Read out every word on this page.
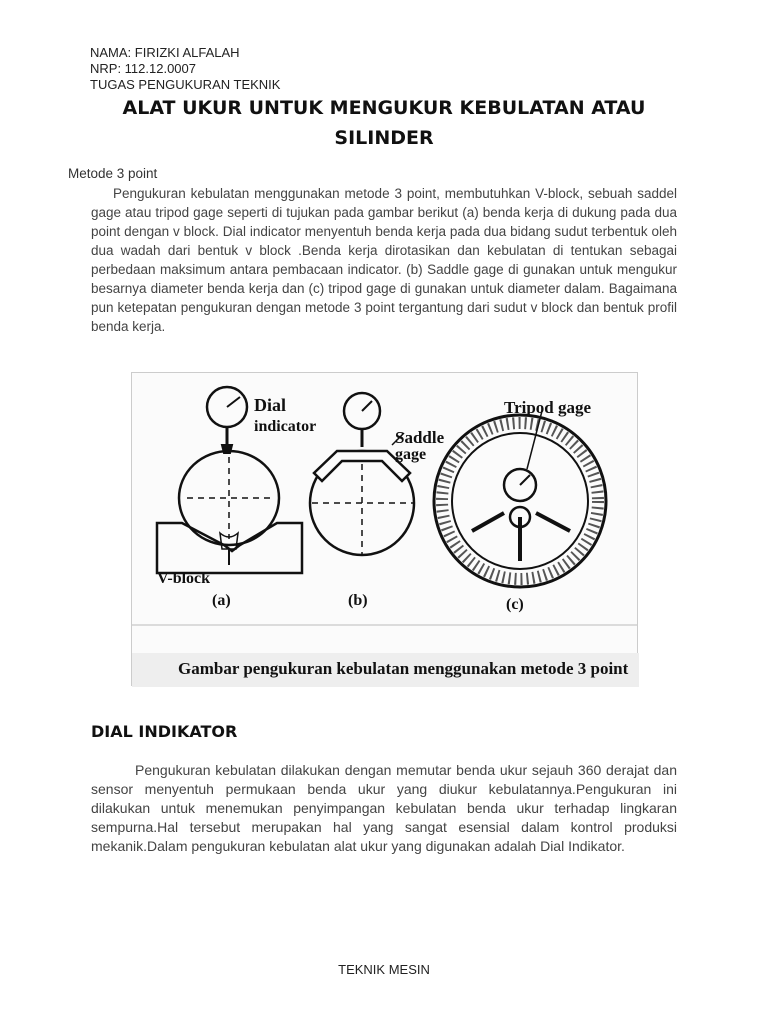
NAMA: FIRIZKI ALFALAH
NRP: 112.12.0007
TUGAS PENGUKURAN TEKNIK
ALAT UKUR UNTUK MENGUKUR KEBULATAN ATAU
SILINDER
Metode 3 point

Pengukuran kebulatan menggunakan metode 3 point, membutuhkan V-block, sebuah saddel gage atau tripod gage seperti di tujukan pada gambar berikut (a) benda kerja di dukung pada dua point dengan v block. Dial indicator menyentuh benda kerja pada dua bidang sudut terbentuk oleh dua wadah dari bentuk v block .Benda kerja dirotasikan dan kebulatan di tentukan sebagai perbedaan maksimum antara pembacaan indicator. (b) Saddle gage di gunakan untuk mengukur besarnya diameter benda kerja dan (c) tripod gage di gunakan untuk diameter dalam. Bagaimana pun ketepatan pengukuran dengan metode 3 point tergantung dari sudut v block dan bentuk profil benda kerja.

Dial
indicator
Saddle
gage
Tripod gage
V-block
(a)	(b)	(c)
Gambar pengukuran kebulatan menggunakan metode 3 point
DIAL INDIKATOR

Pengukuran kebulatan dilakukan dengan memutar benda ukur sejauh 360 derajat dan sensor menyentuh permukaan benda ukur yang diukur kebulatannya.Pengukuran ini dilakukan untuk menemukan penyimpangan kebulatan benda ukur terhadap lingkaran sempurna.Hal tersebut merupakan hal yang sangat esensial dalam kontrol produksi mekanik.Dalam pengukuran kebulatan alat ukur yang digunakan adalah Dial Indikator.

TEKNIK MESIN
